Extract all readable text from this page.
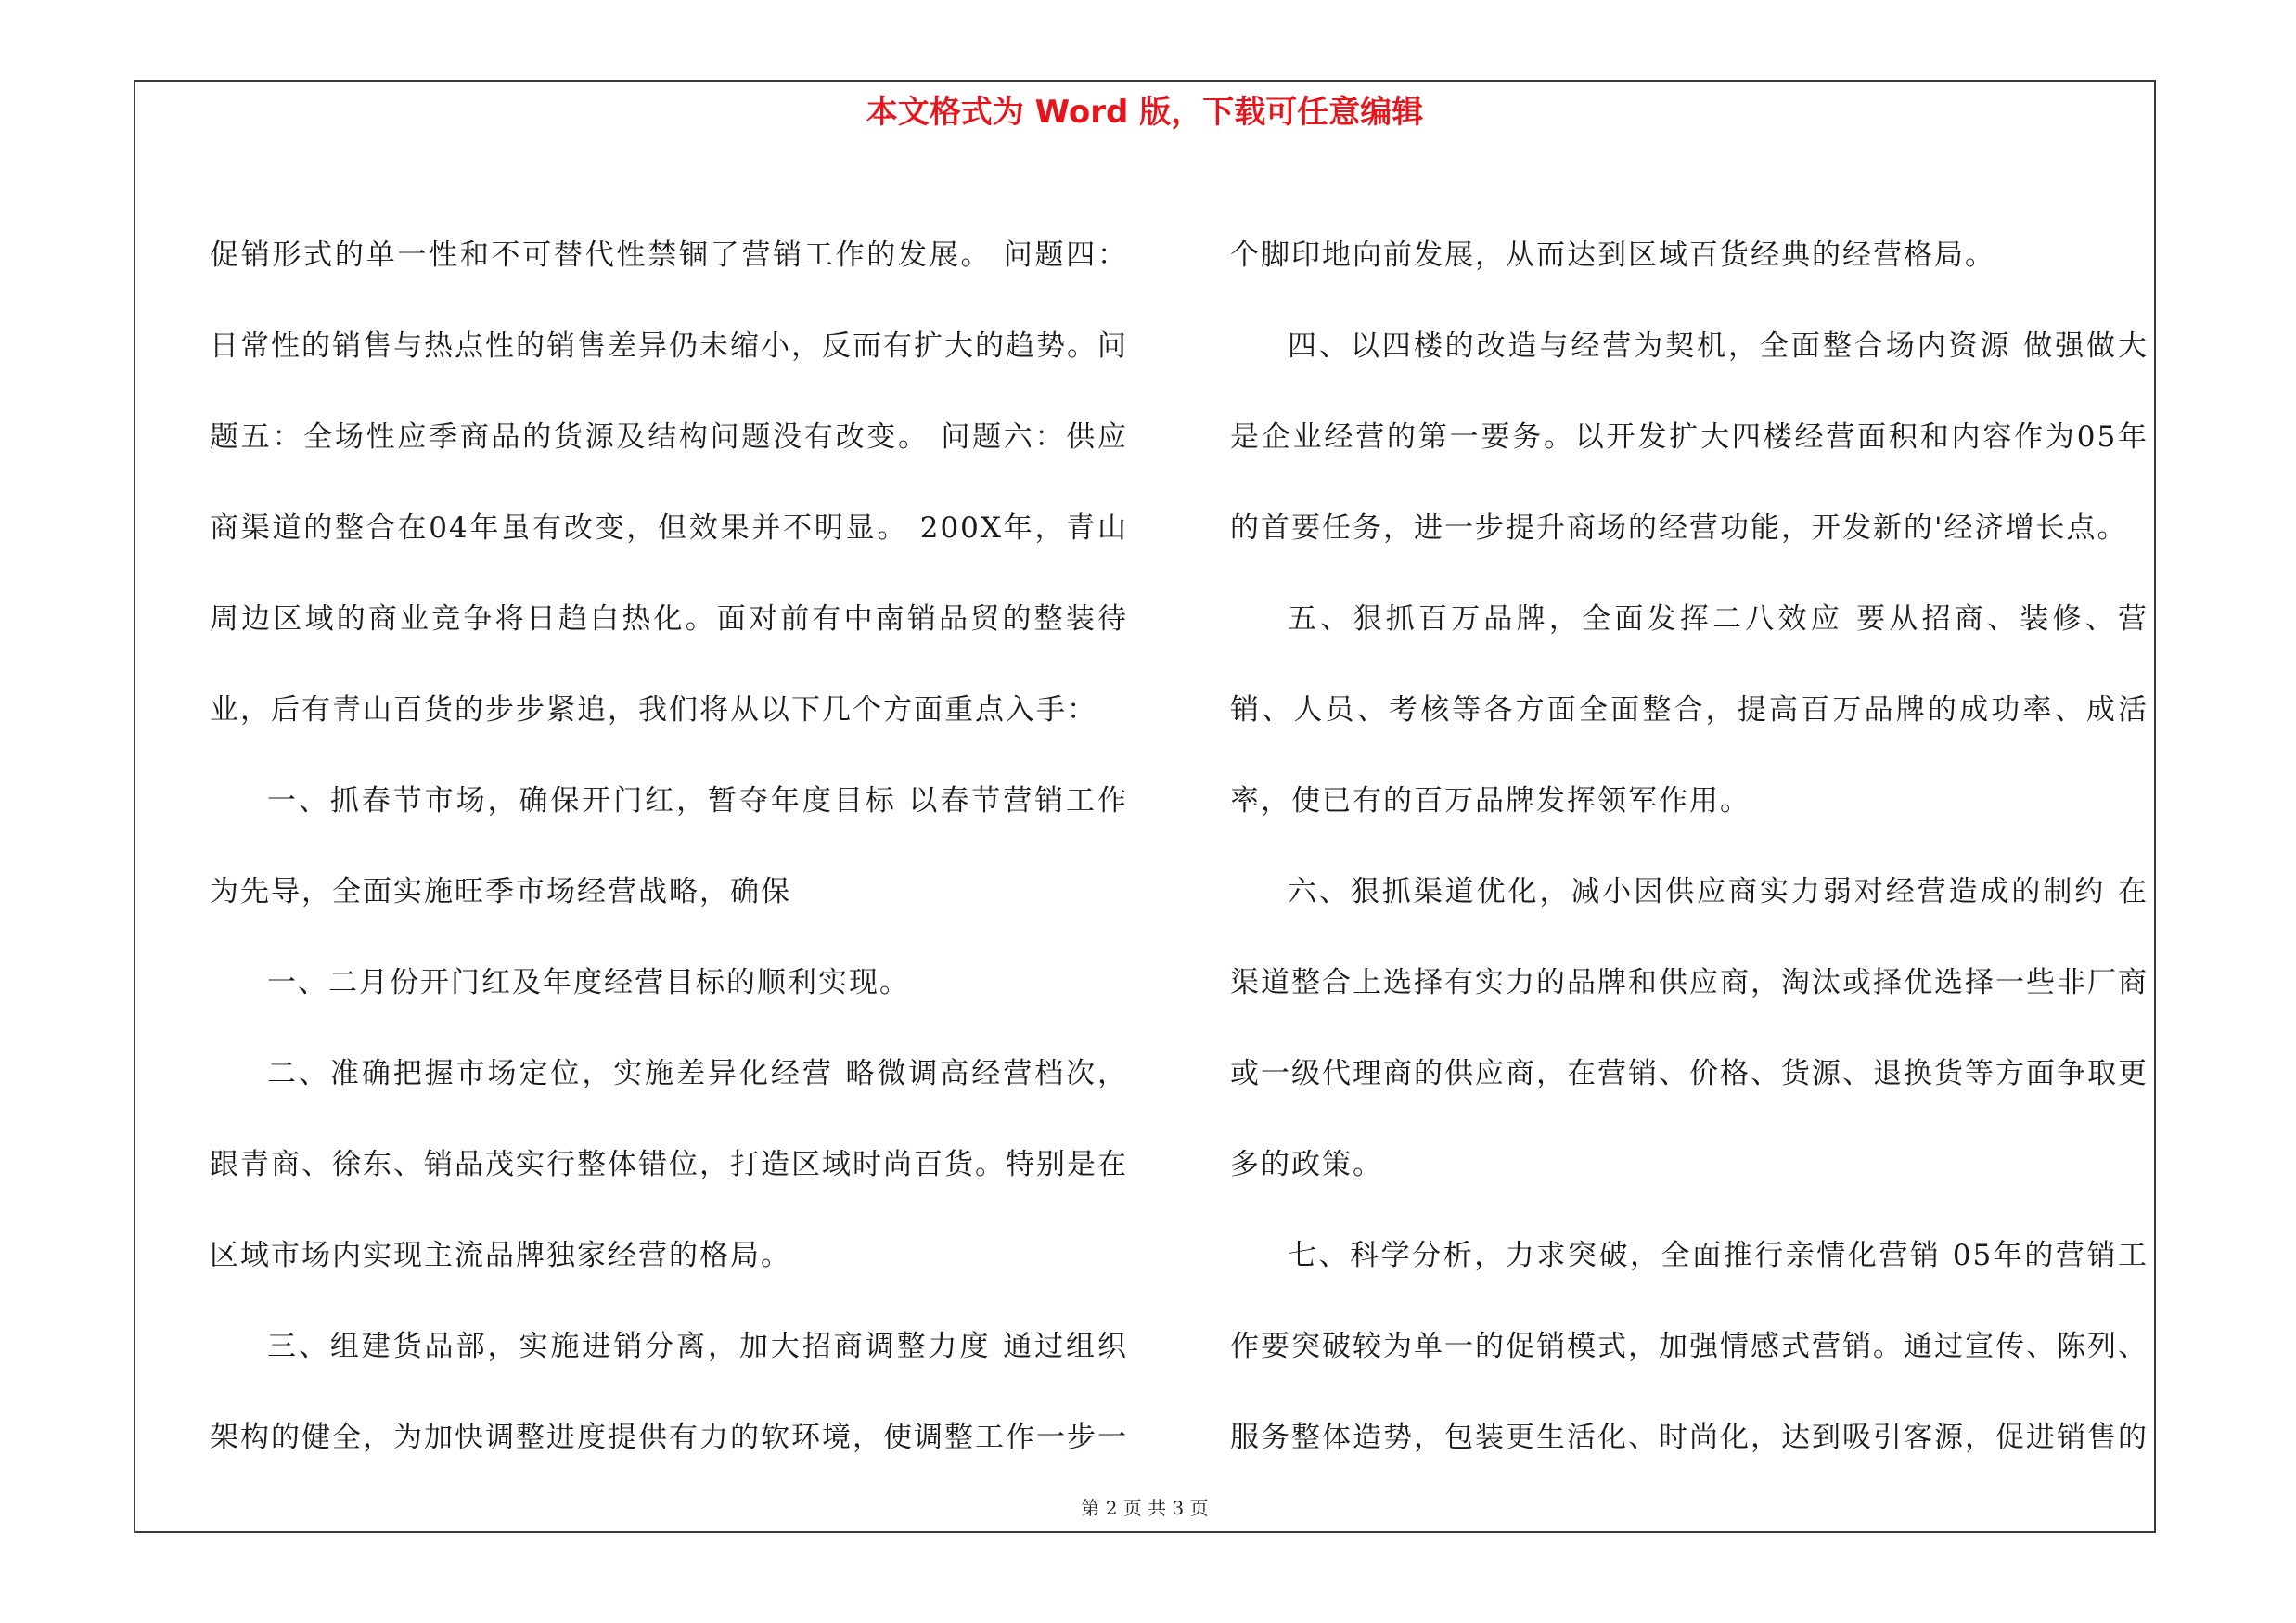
本文格式为 Word 版，下载可任意编辑

促销形式的单一性和不可替代性禁锢了营销工作的发展。 问题四：日常性的销售与热点性的销售差异仍未缩小，反而有扩大的趋势。问题五：全场性应季商品的货源及结构问题没有改变。 问题六：供应商渠道的整合在04年虽有改变，但效果并不明显。 200X年，青山周边区域的商业竞争将日趋白热化。面对前有中南销品贸的整装待业，后有青山百货的步步紧追，我们将从以下几个方面重点入手：

一、抓春节市场，确保开门红，暂夺年度目标 以春节营销工作为先导，全面实施旺季市场经营战略，确保

一、二月份开门红及年度经营目标的顺利实现。

二、准确把握市场定位，实施差异化经营 略微调高经营档次，跟青商、徐东、销品茂实行整体错位，打造区域时尚百货。特别是在区域市场内实现主流品牌独家经营的格局。

三、组建货品部，实施进销分离，加大招商调整力度 通过组织架构的健全，为加快调整进度提供有力的软环境，使调整工作一步一

个脚印地向前发展，从而达到区域百货经典的经营格局。

四、以四楼的改造与经营为契机，全面整合场内资源 做强做大是企业经营的第一要务。以开发扩大四楼经营面积和内容作为05年的首要任务，进一步提升商场的经营功能，开发新的'经济增长点。

五、狠抓百万品牌，全面发挥二八效应 要从招商、装修、营销、人员、考核等各方面全面整合，提高百万品牌的成功率、成活率，使已有的百万品牌发挥领军作用。

六、狠抓渠道优化，减小因供应商实力弱对经营造成的制约 在渠道整合上选择有实力的品牌和供应商，淘汰或择优选择一些非厂商或一级代理商的供应商，在营销、价格、货源、退换货等方面争取更多的政策。

七、科学分析，力求突破，全面推行亲情化营销 05年的营销工作要突破较为单一的促销模式，加强情感式营销。通过宣传、陈列、服务整体造势，包装更生活化、时尚化，达到吸引客源，促进销售的

第 2 页 共 3 页
